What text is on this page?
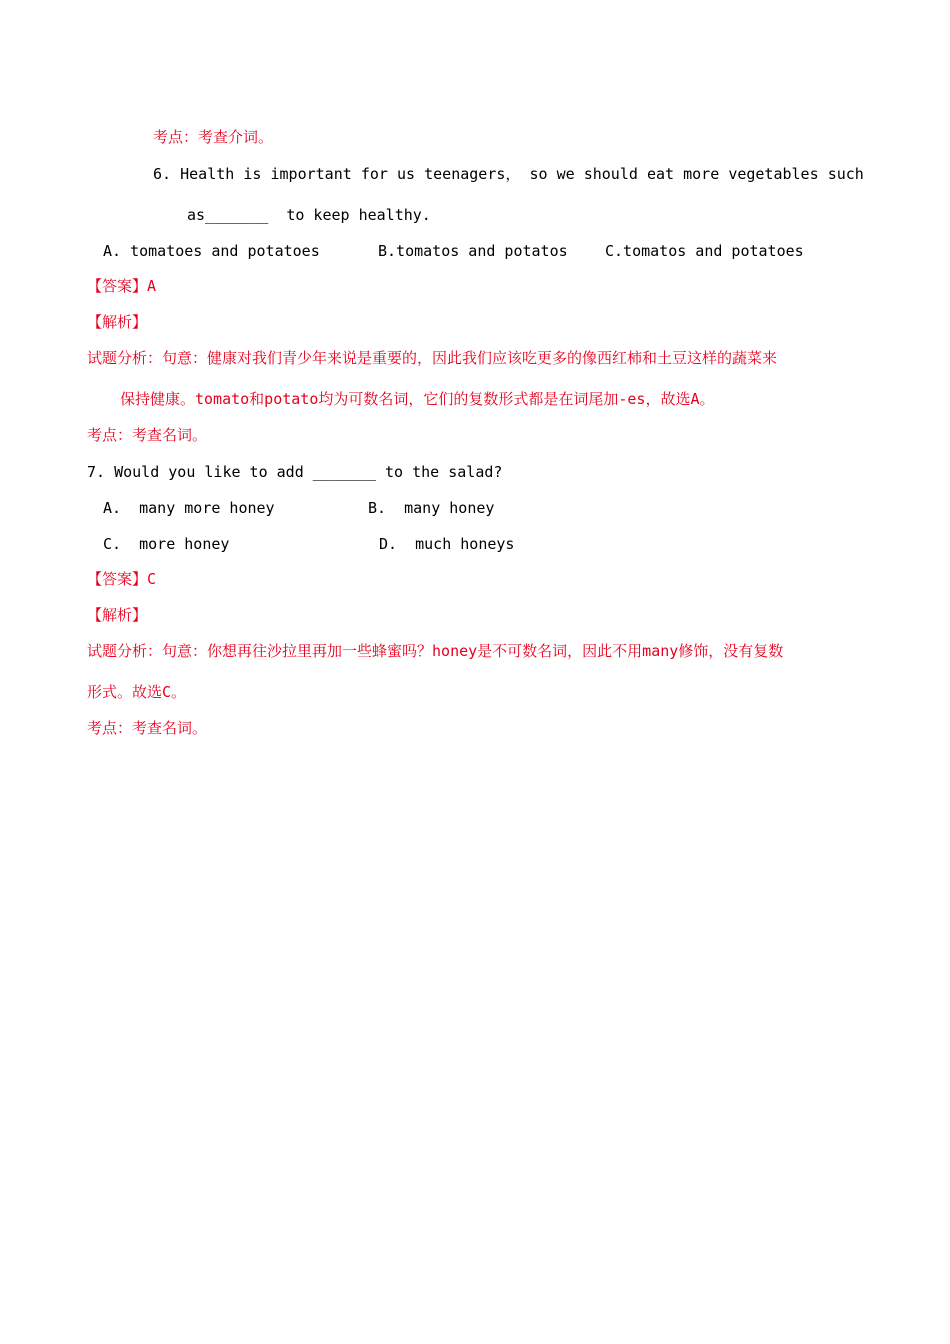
考点：考查介词。
6. Health is important for us teenagers， so we should eat more vegetables such
as_______  to keep healthy.
A. tomatoes and potatoes	B.tomatos and potatos C.tomatos and potatoes
【答案】A
【解析】
试题分析：句意：健康对我们青少年来说是重要的，因此我们应该吃更多的像西红柿和土豆这样的蔬菜来
保持健康。tomato和potato均为可数名词，它们的复数形式都是在词尾加-es，故选A。
考点：考查名词。
7. Would you like to add _______ to the salad?
A.  many more honey	B.  many honey
C.  more honey	D.  much honeys
【答案】C
【解析】
试题分析：句意：你想再往沙拉里再加一些蜂蜜吗？honey是不可数名词，因此不用many修饰，没有复数
形式。故选C。
考点：考查名词。
